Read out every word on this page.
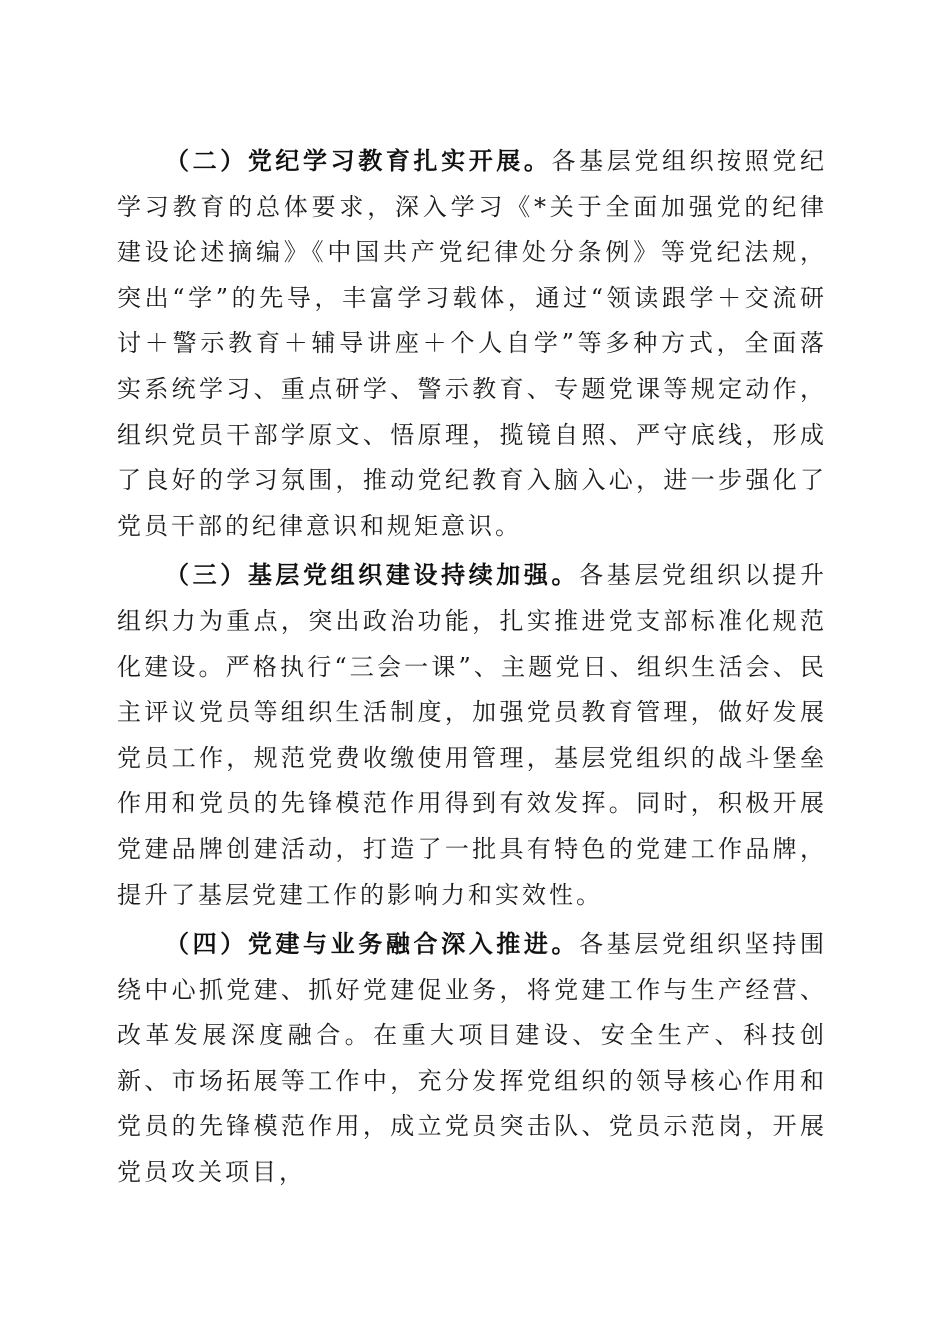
（二）党纪学习教育扎实开展。各基层党组织按照党纪学习教育的总体要求，深入学习《*关于全面加强党的纪律建设论述摘编》《中国共产党纪律处分条例》等党纪法规，突出“学”的先导，丰富学习载体，通过“领读跟学＋交流研讨＋警示教育＋辅导讲座＋个人自学”等多种方式，全面落实系统学习、重点研学、警示教育、专题党课等规定动作，组织党员干部学原文、悟原理，揽镜自照、严守底线，形成了良好的学习氛围，推动党纪教育入脑入心，进一步强化了党员干部的纪律意识和规矩意识。

（三）基层党组织建设持续加强。各基层党组织以提升组织力为重点，突出政治功能，扎实推进党支部标准化规范化建设。严格执行“三会一课”、主题党日、组织生活会、民主评议党员等组织生活制度，加强党员教育管理，做好发展党员工作，规范党费收缴使用管理，基层党组织的战斗堡垒作用和党员的先锋模范作用得到有效发挥。同时，积极开展党建品牌创建活动，打造了一批具有特色的党建工作品牌，提升了基层党建工作的影响力和实效性。

（四）党建与业务融合深入推进。各基层党组织坚持围绕中心抓党建、抓好党建促业务，将党建工作与生产经营、改革发展深度融合。在重大项目建设、安全生产、科技创新、市场拓展等工作中，充分发挥党组织的领导核心作用和党员的先锋模范作用，成立党员突击队、党员示范岗，开展党员攻关项目，
